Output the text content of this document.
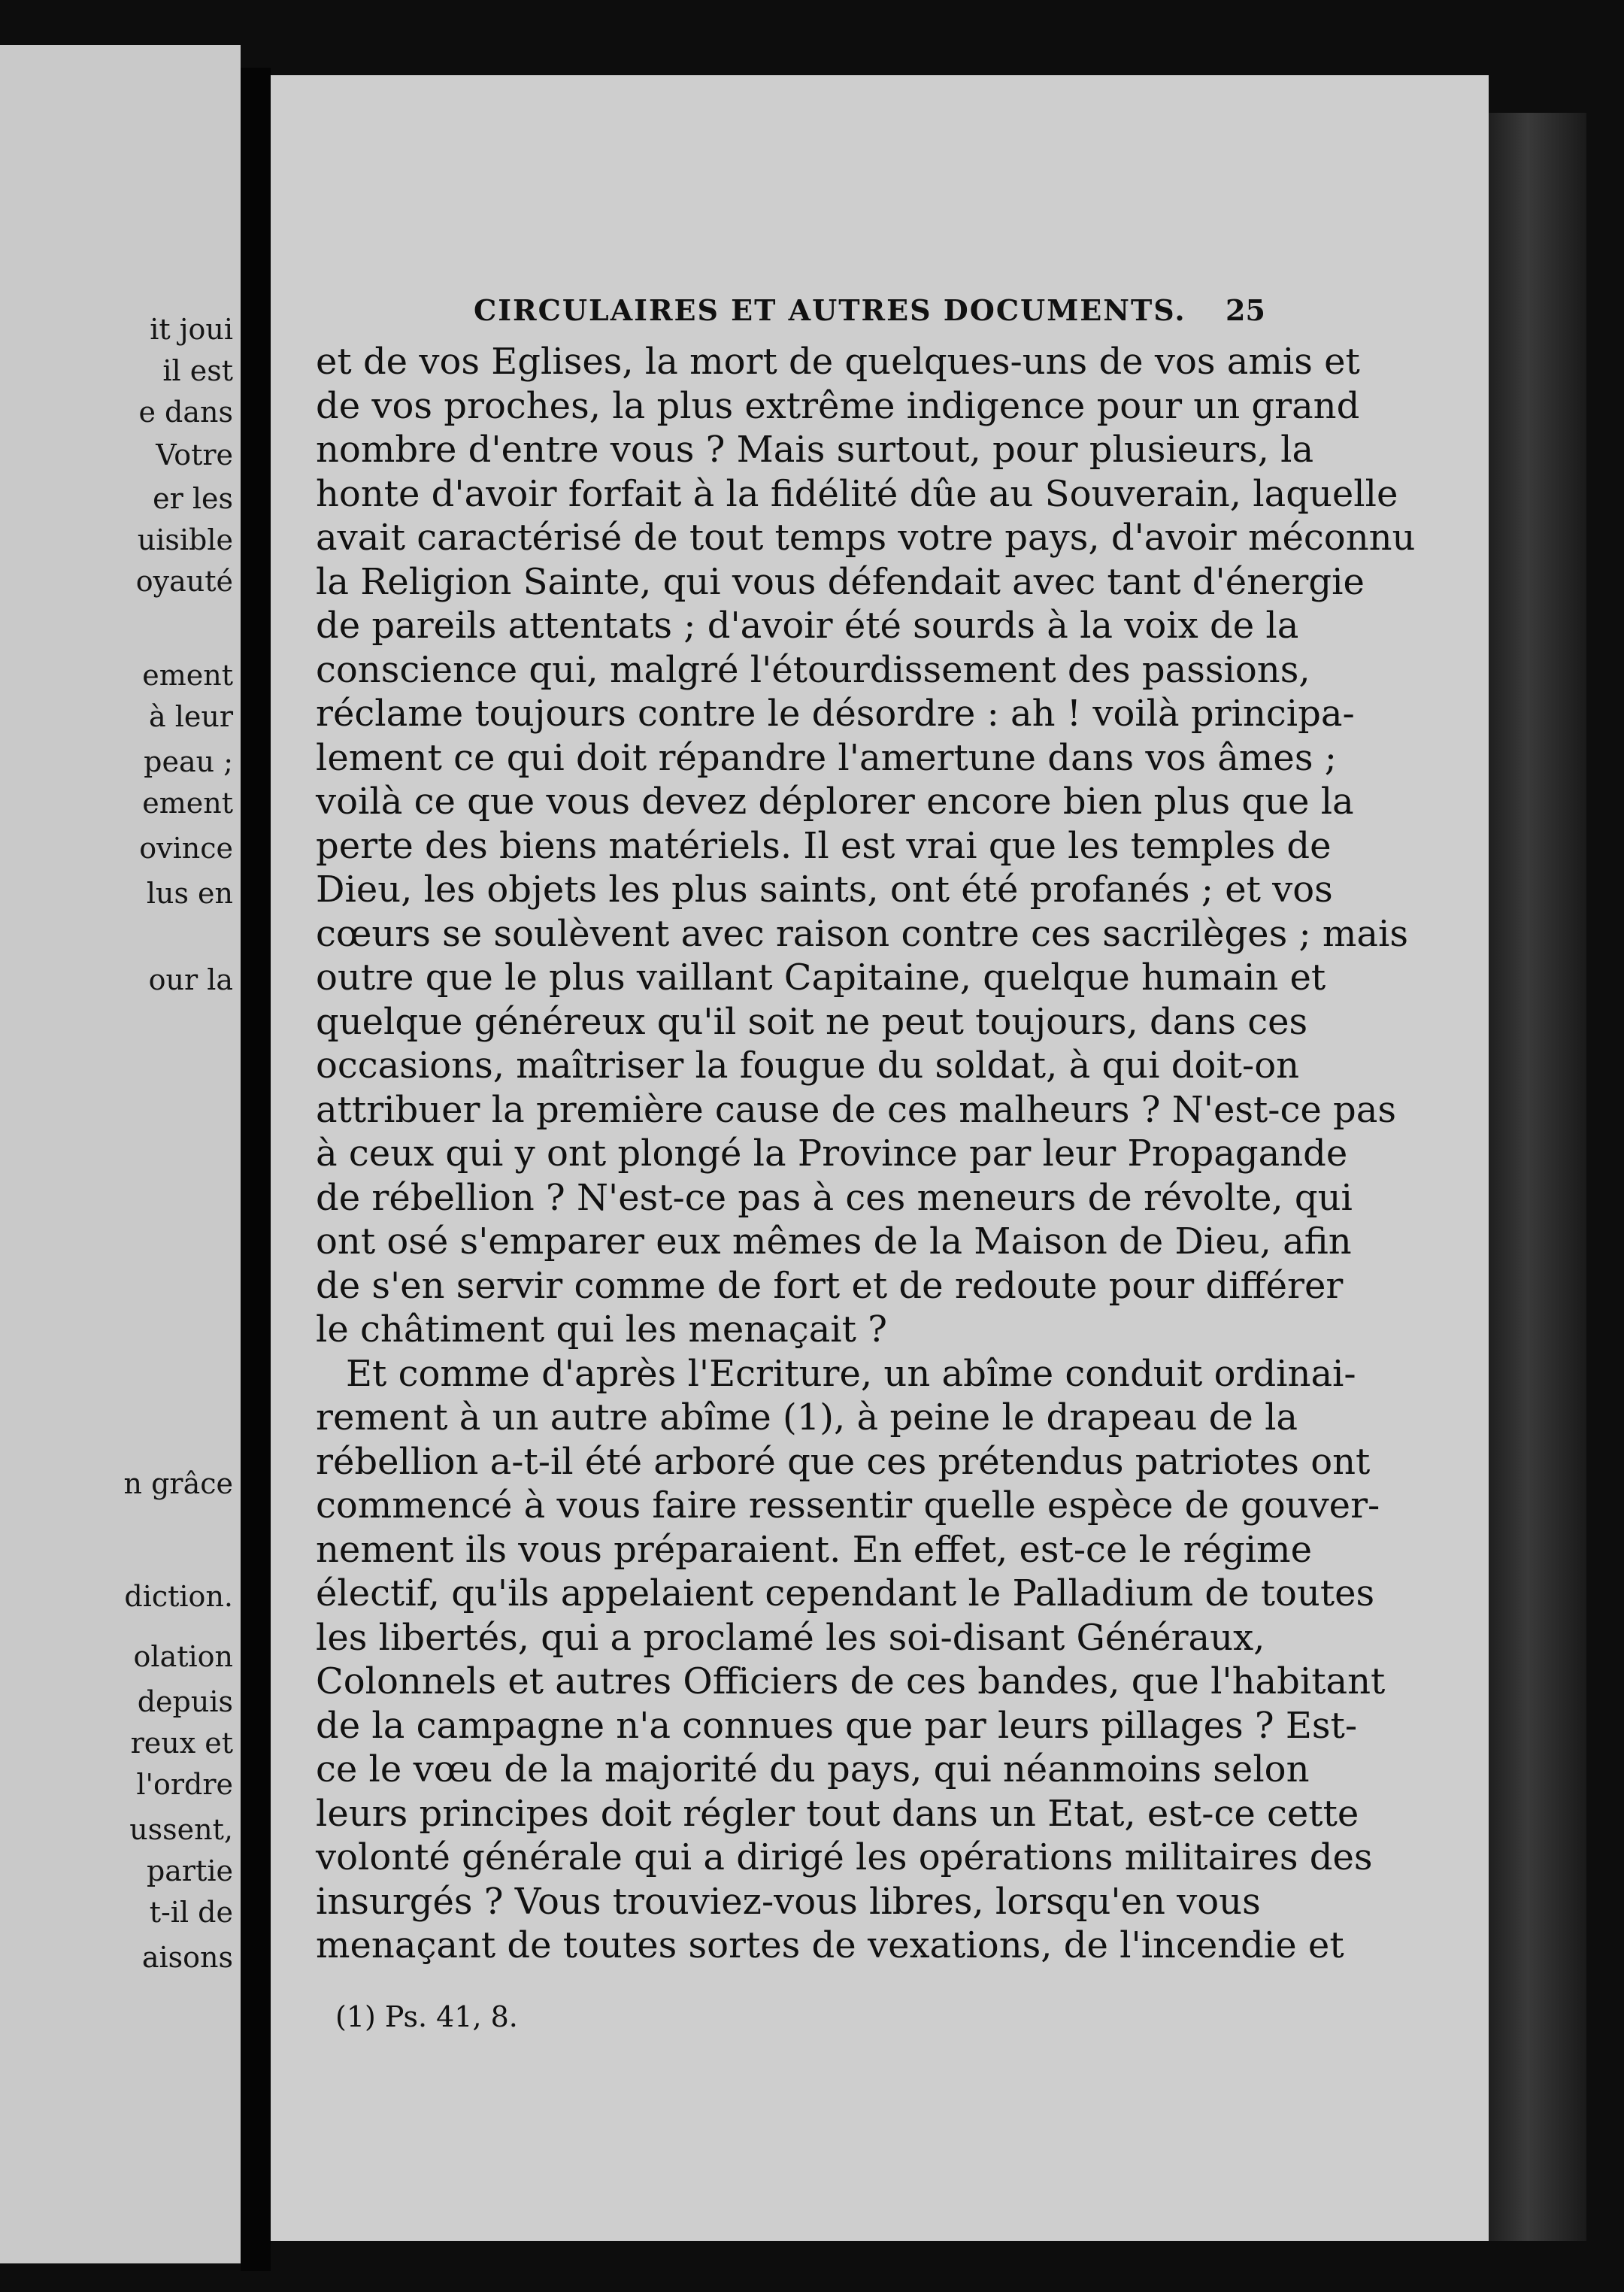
it joui
il est
e dans
Votre
er les
uisible
oyauté
ement
à leur
peau ;
ement
ovince
lus en
our la
n grâce
diction.
olation
depuis
reux et
l'ordre
ussent,
partie
t-il de
aisons
CIRCULAIRES ET AUTRES DOCUMENTS. 25
et de vos Eglises, la mort de quelques-uns de vos amis et
de vos proches, la plus extrême indigence pour un grand
nombre d'entre vous ? Mais surtout, pour plusieurs, la
honte d'avoir forfait à la fidélité dûe au Souverain, laquelle
avait caractérisé de tout temps votre pays, d'avoir méconnu
la Religion Sainte, qui vous défendait avec tant d'énergie
de pareils attentats ; d'avoir été sourds à la voix de la
conscience qui, malgré l'étourdissement des passions,
réclame toujours contre le désordre : ah ! voilà principa-
lement ce qui doit répandre l'amertune dans vos âmes ;
voilà ce que vous devez déplorer encore bien plus que la
perte des biens matériels. Il est vrai que les temples de
Dieu, les objets les plus saints, ont été profanés ; et vos
cœurs se soulèvent avec raison contre ces sacrilèges ; mais
outre que le plus vaillant Capitaine, quelque humain et
quelque généreux qu'il soit ne peut toujours, dans ces
occasions, maîtriser la fougue du soldat, à qui doit-on
attribuer la première cause de ces malheurs ? N'est-ce pas
à ceux qui y ont plongé la Province par leur Propagande
de rébellion ? N'est-ce pas à ces meneurs de révolte, qui
ont osé s'emparer eux mêmes de la Maison de Dieu, afin
de s'en servir comme de fort et de redoute pour différer
le châtiment qui les menaçait ?
Et comme d'après l'Ecriture, un abîme conduit ordinai-
rement à un autre abîme (1), à peine le drapeau de la
rébellion a-t-il été arboré que ces prétendus patriotes ont
commencé à vous faire ressentir quelle espèce de gouver-
nement ils vous préparaient. En effet, est-ce le régime
électif, qu'ils appelaient cependant le Palladium de toutes
les libertés, qui a proclamé les soi-disant Généraux,
Colonnels et autres Officiers de ces bandes, que l'habitant
de la campagne n'a connues que par leurs pillages ? Est-
ce le vœu de la majorité du pays, qui néanmoins selon
leurs principes doit régler tout dans un Etat, est-ce cette
volonté générale qui a dirigé les opérations militaires des
insurgés ? Vous trouviez-vous libres, lorsqu'en vous
menaçant de toutes sortes de vexations, de l'incendie et
(1) Ps. 41, 8.
